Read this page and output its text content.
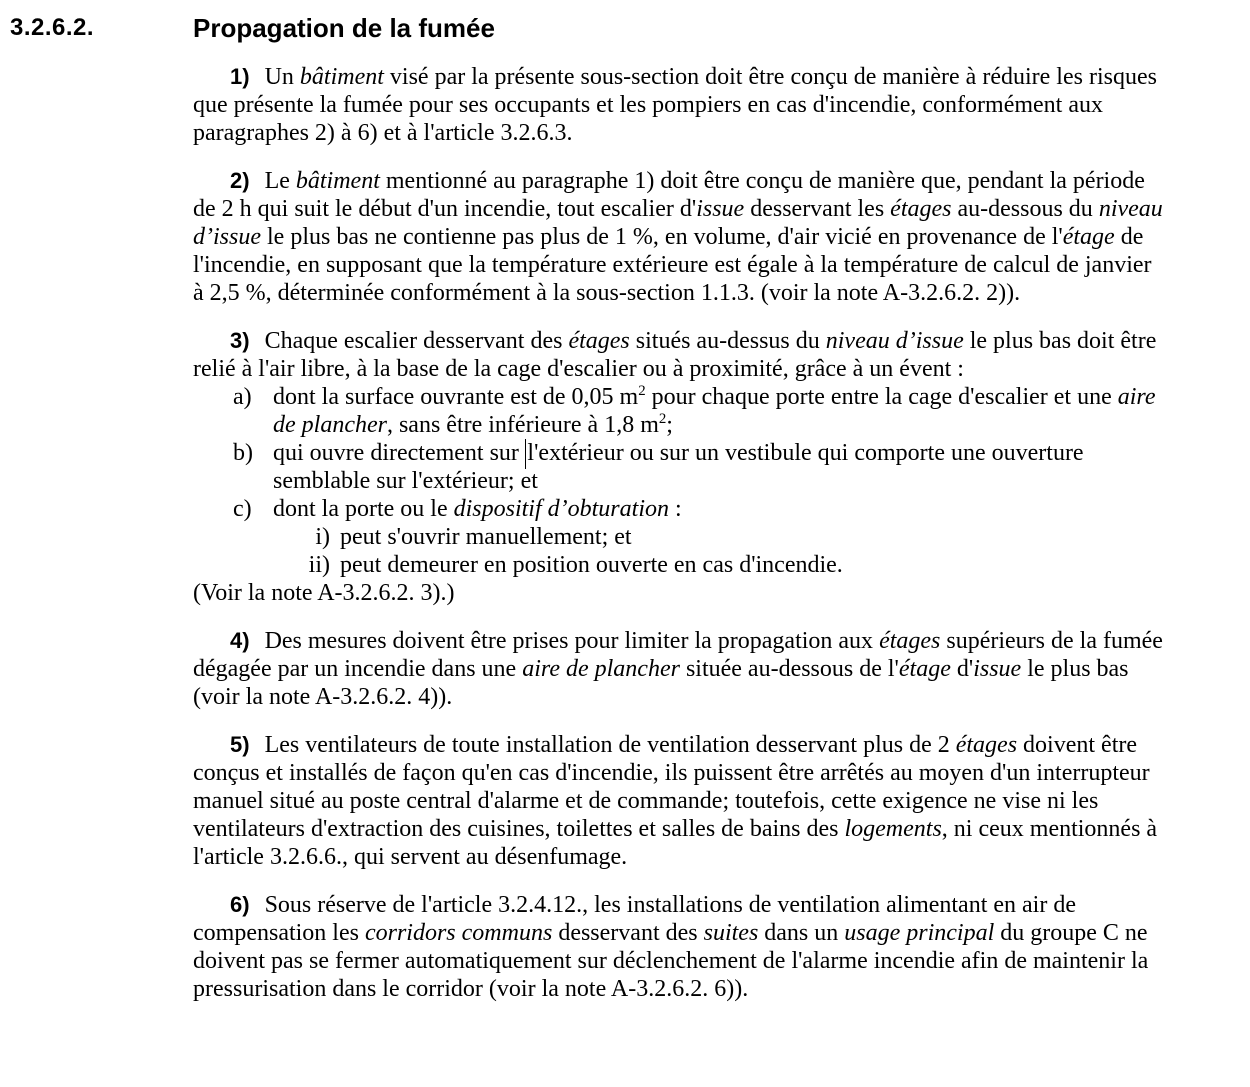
3.2.6.2.	Propagation de la fumée

1) Un bâtiment visé par la présente sous-section doit être conçu de manière à réduire les risques que présente la fumée pour ses occupants et les pompiers en cas d'incendie, conformément aux paragraphes 2) à 6) et à l'article 3.2.6.3.

2) Le bâtiment mentionné au paragraphe 1) doit être conçu de manière que, pendant la période de 2 h qui suit le début d'un incendie, tout escalier d'issue desservant les étages au-dessous du niveau d’issue le plus bas ne contienne pas plus de 1 %, en volume, d'air vicié en provenance de l'étage de l'incendie, en supposant que la température extérieure est égale à la température de calcul de janvier à 2,5 %, déterminée conformément à la sous-section 1.1.3. (voir la note A-3.2.6.2. 2)).

3) Chaque escalier desservant des étages situés au-dessus du niveau d’issue le plus bas doit être relié à l'air libre, à la base de la cage d'escalier ou à proximité, grâce à un évent :

a) dont la surface ouvrante est de 0,05 $m^2$ pour chaque porte entre la cage d'escalier et une aire de plancher, sans être inférieure à 1,8 $m^2$;
b) qui ouvre directement sur l'extérieur ou sur un vestibule qui comporte une ouverture semblable sur l'extérieur; et
c) dont la porte ou le dispositif d’obturation :
i) peut s'ouvrir manuellement; et
ii) peut demeurer en position ouverte en cas d'incendie.

(Voir la note A-3.2.6.2. 3).)

4) Des mesures doivent être prises pour limiter la propagation aux étages supérieurs de la fumée dégagée par un incendie dans une aire de plancher située au-dessous de l'étage d'issue le plus bas (voir la note A-3.2.6.2. 4)).

5) Les ventilateurs de toute installation de ventilation desservant plus de 2 étages doivent être conçus et installés de façon qu'en cas d'incendie, ils puissent être arrêtés au moyen d'un interrupteur manuel situé au poste central d'alarme et de commande; toutefois, cette exigence ne vise ni les ventilateurs d'extraction des cuisines, toilettes et salles de bains des logements, ni ceux mentionnés à l'article 3.2.6.6., qui servent au désenfumage.

6) Sous réserve de l'article 3.2.4.12., les installations de ventilation alimentant en air de compensation les corridors communs desservant des suites dans un usage principal du groupe C ne doivent pas se fermer automatiquement sur déclenchement de l'alarme incendie afin de maintenir la pressurisation dans le corridor (voir la note A-3.2.6.2. 6)).
